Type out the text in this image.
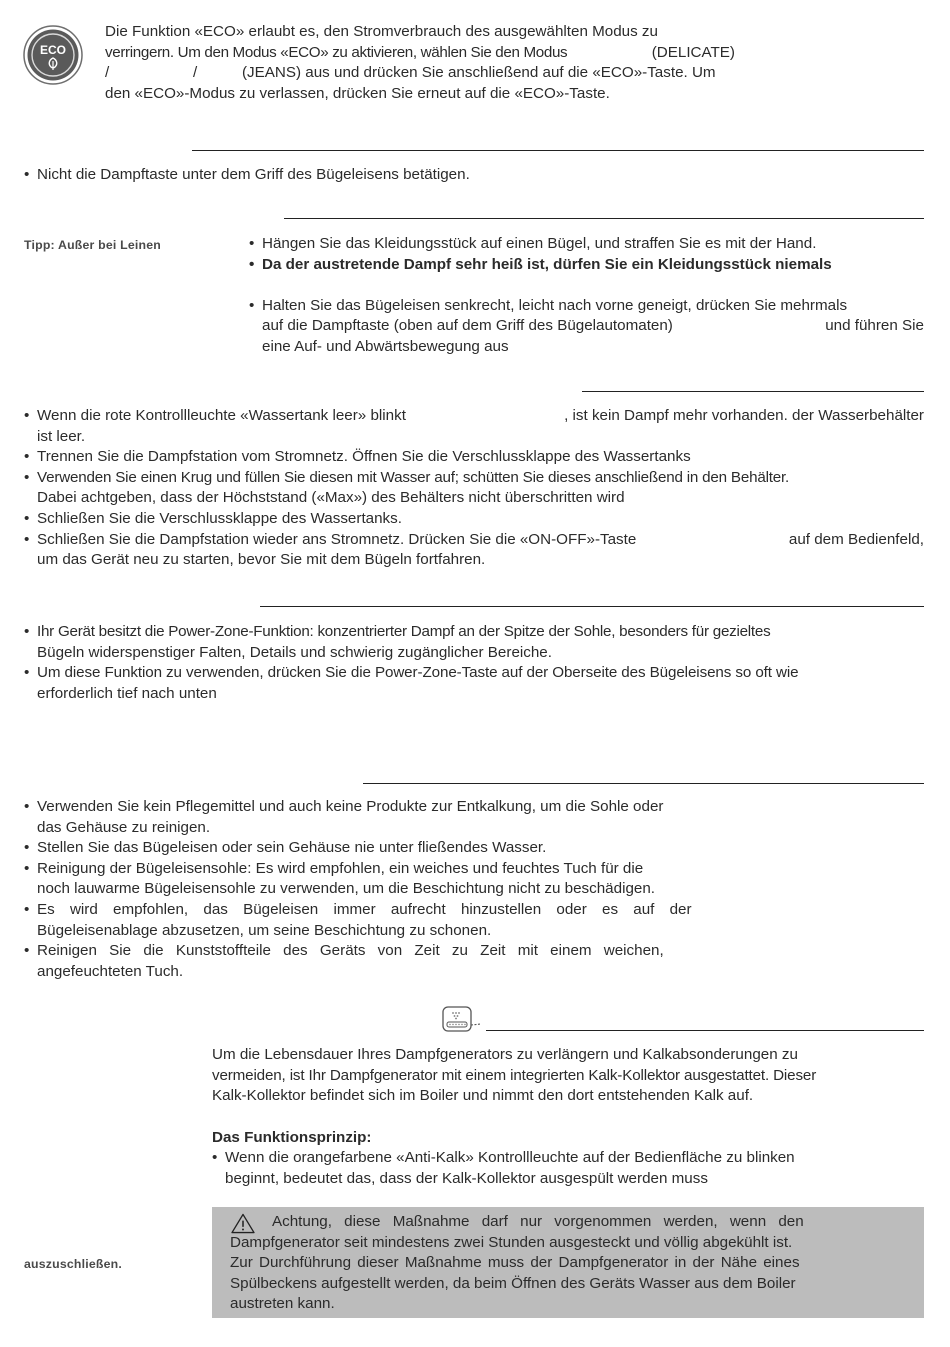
ECO
Die Funktion «ECO» erlaubt es, den Stromverbrauch des ausgewählten Modus zu
verringern. Um den Modus «ECO» zu aktivieren, wählen Sie den Modus	(DELICATE)
/	/	(JEANS) aus und drücken Sie anschließend auf die «ECO»-Taste. Um
den «ECO»-Modus zu verlassen, drücken Sie erneut auf die «ECO»-Taste.
• Nicht die Dampftaste unter dem Griff des Bügeleisens betätigen.
Tipp: Außer bei Leinen
•	Hängen Sie das Kleidungsstück auf einen Bügel, und straffen Sie es mit der Hand.
• Da der austretende Dampf sehr heiß ist, dürfen Sie ein Kleidungsstück niemals
• Halten Sie das Bügeleisen senkrecht, leicht nach vorne geneigt, drücken Sie mehrmals
auf die Dampftaste (oben auf dem Griff des Bügelautomaten)	und führen Sie
eine Auf- und Abwärtsbewegung aus
• Wenn die rote Kontrollleuchte «Wassertank leer» blinkt	, ist kein Dampf mehr vorhanden. der Wasserbehälter
ist leer.
• Trennen Sie die Dampfstation vom Stromnetz. Öffnen Sie die Verschlussklappe des Wassertanks
• Verwenden Sie einen Krug und füllen Sie diesen mit Wasser auf; schütten Sie dieses anschließend in den Behälter.
Dabei achtgeben, dass der Höchststand («Max») des Behälters nicht überschritten wird
• Schließen Sie die Verschlussklappe des Wassertanks.
• Schließen Sie die Dampfstation wieder ans Stromnetz. Drücken Sie die «ON-OFF»-Taste	auf dem Bedienfeld,
um das Gerät neu zu starten, bevor Sie mit dem Bügeln fortfahren.
• Ihr Gerät besitzt die Power-Zone-Funktion: konzentrierter Dampf an der Spitze der Sohle, besonders für gezieltes
Bügeln widerspenstiger Falten, Details und schwierig zugänglicher Bereiche.
• Um diese Funktion zu verwenden, drücken Sie die Power-Zone-Taste auf der Oberseite des Bügeleisens so oft wie
erforderlich tief nach unten
• Verwenden Sie kein Pflegemittel und auch keine Produkte zur Entkalkung, um die Sohle oder
das Gehäuse zu reinigen.
• Stellen Sie das Bügeleisen oder sein Gehäuse nie unter fließendes Wasser.
• Reinigung der Bügeleisensohle: Es wird empfohlen, ein weiches und feuchtes Tuch für die
noch lauwarme Bügeleisensohle zu verwenden, um die Beschichtung nicht zu beschädigen.
• Es wird empfohlen, das Bügeleisen immer aufrecht hinzustellen oder es auf der
Bügeleisenablage abzusetzen, um seine Beschichtung zu schonen.
• Reinigen Sie die Kunststoffteile des Geräts von Zeit zu Zeit mit einem weichen,
angefeuchteten Tuch.
Um die Lebensdauer Ihres Dampfgenerators zu verlängern und Kalkabsonderungen zu
vermeiden, ist Ihr Dampfgenerator mit einem integrierten Kalk-Kollektor ausgestattet. Dieser
Kalk-Kollektor befindet sich im Boiler und nimmt den dort entstehenden Kalk auf.
Das Funktionsprinzip:
• Wenn die orangefarbene «Anti-Kalk» Kontrollleuchte auf der Bedienfläche zu blinken
beginnt, bedeutet das, dass der Kalk-Kollektor ausgespült werden muss
auszuschließen.
Achtung, diese Maßnahme darf nur vorgenommen werden, wenn den
Dampfgenerator seit mindestens zwei Stunden ausgesteckt und völlig abgekühlt ist.
Zur Durchführung dieser Maßnahme muss der Dampfgenerator in der Nähe eines
Spülbeckens aufgestellt werden, da beim Öffnen des Geräts Wasser aus dem Boiler
austreten kann.
